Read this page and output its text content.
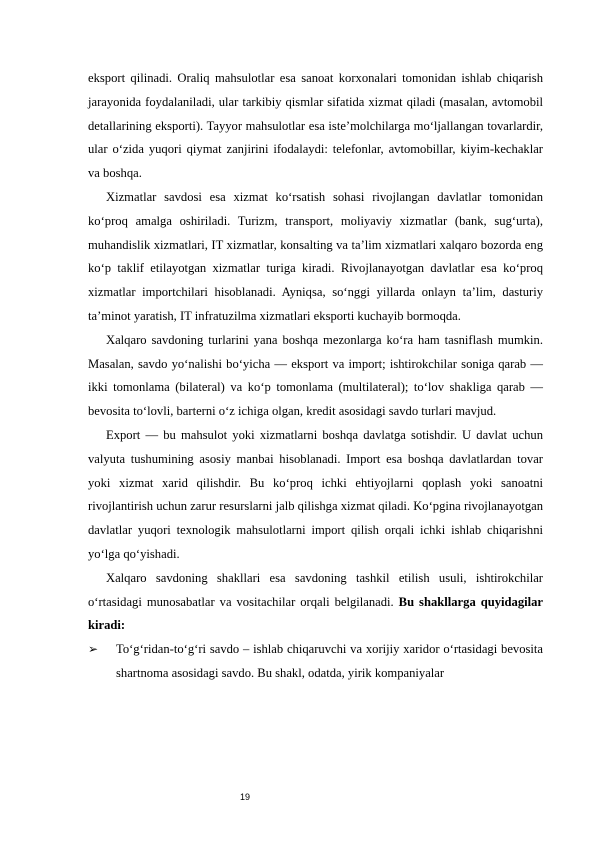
eksport qilinadi. Oraliq mahsulotlar esa sanoat korxonalari tomonidan ishlab chiqarish jarayonida foydalaniladi, ular tarkibiy qismlar sifatida xizmat qiladi (masalan, avtomobil detallarining eksporti). Tayyor mahsulotlar esa iste’molchilarga mo‘ljallangan tovarlardir, ular o‘zida yuqori qiymat zanjirini ifodalaydi: telefonlar, avtomobillar, kiyim-kechaklar va boshqa.

Xizmatlar savdosi esa xizmat ko‘rsatish sohasi rivojlangan davlatlar tomonidan ko‘proq amalga oshiriladi. Turizm, transport, moliyaviy xizmatlar (bank, sug‘urta), muhandislik xizmatlari, IT xizmatlar, konsalting va ta’lim xizmatlari xalqaro bozorda eng ko‘p taklif etilayotgan xizmatlar turiga kiradi. Rivojlanayotgan davlatlar esa ko‘proq xizmatlar importchilari hisoblanadi. Ayniqsa, so‘nggi yillarda onlayn ta’lim, dasturiy ta’minot yaratish, IT infratuzilma xizmatlari eksporti kuchayib bormoqda.

Xalqaro savdoning turlarini yana boshqa mezonlarga ko‘ra ham tasniflash mumkin. Masalan, savdo yo‘nalishi bo‘yicha — eksport va import; ishtirokchilar soniga qarab — ikki tomonlama (bilateral) va ko‘p tomonlama (multilateral); to‘lov shakliga qarab — bevosita to‘lovli, barterni o‘z ichiga olgan, kredit asosidagi savdo turlari mavjud.

Export — bu mahsulot yoki xizmatlarni boshqa davlatga sotishdir. U davlat uchun valyuta tushumining asosiy manbai hisoblanadi. Import esa boshqa davlatlardan tovar yoki xizmat xarid qilishdir. Bu ko‘proq ichki ehtiyojlarni qoplash yoki sanoatni rivojlantirish uchun zarur resurslarni jalb qilishga xizmat qiladi. Ko‘pgina rivojlanayotgan davlatlar yuqori texnologik mahsulotlarni import qilish orqali ichki ishlab chiqarishni yo‘lga qo‘yishadi.

Xalqaro savdoning shakllari esa savdoning tashkil etilish usuli, ishtirokchilar o‘rtasidagi munosabatlar va vositachilar orqali belgilanadi. Bu shakllarga quyidagilar kiradi:

➢	To‘g‘ridan-to‘g‘ri savdo – ishlab chiqaruvchi va xorijiy xaridor o‘rtasidagi bevosita shartnoma asosidagi savdo. Bu shakl, odatda, yirik kompaniyalar

19
